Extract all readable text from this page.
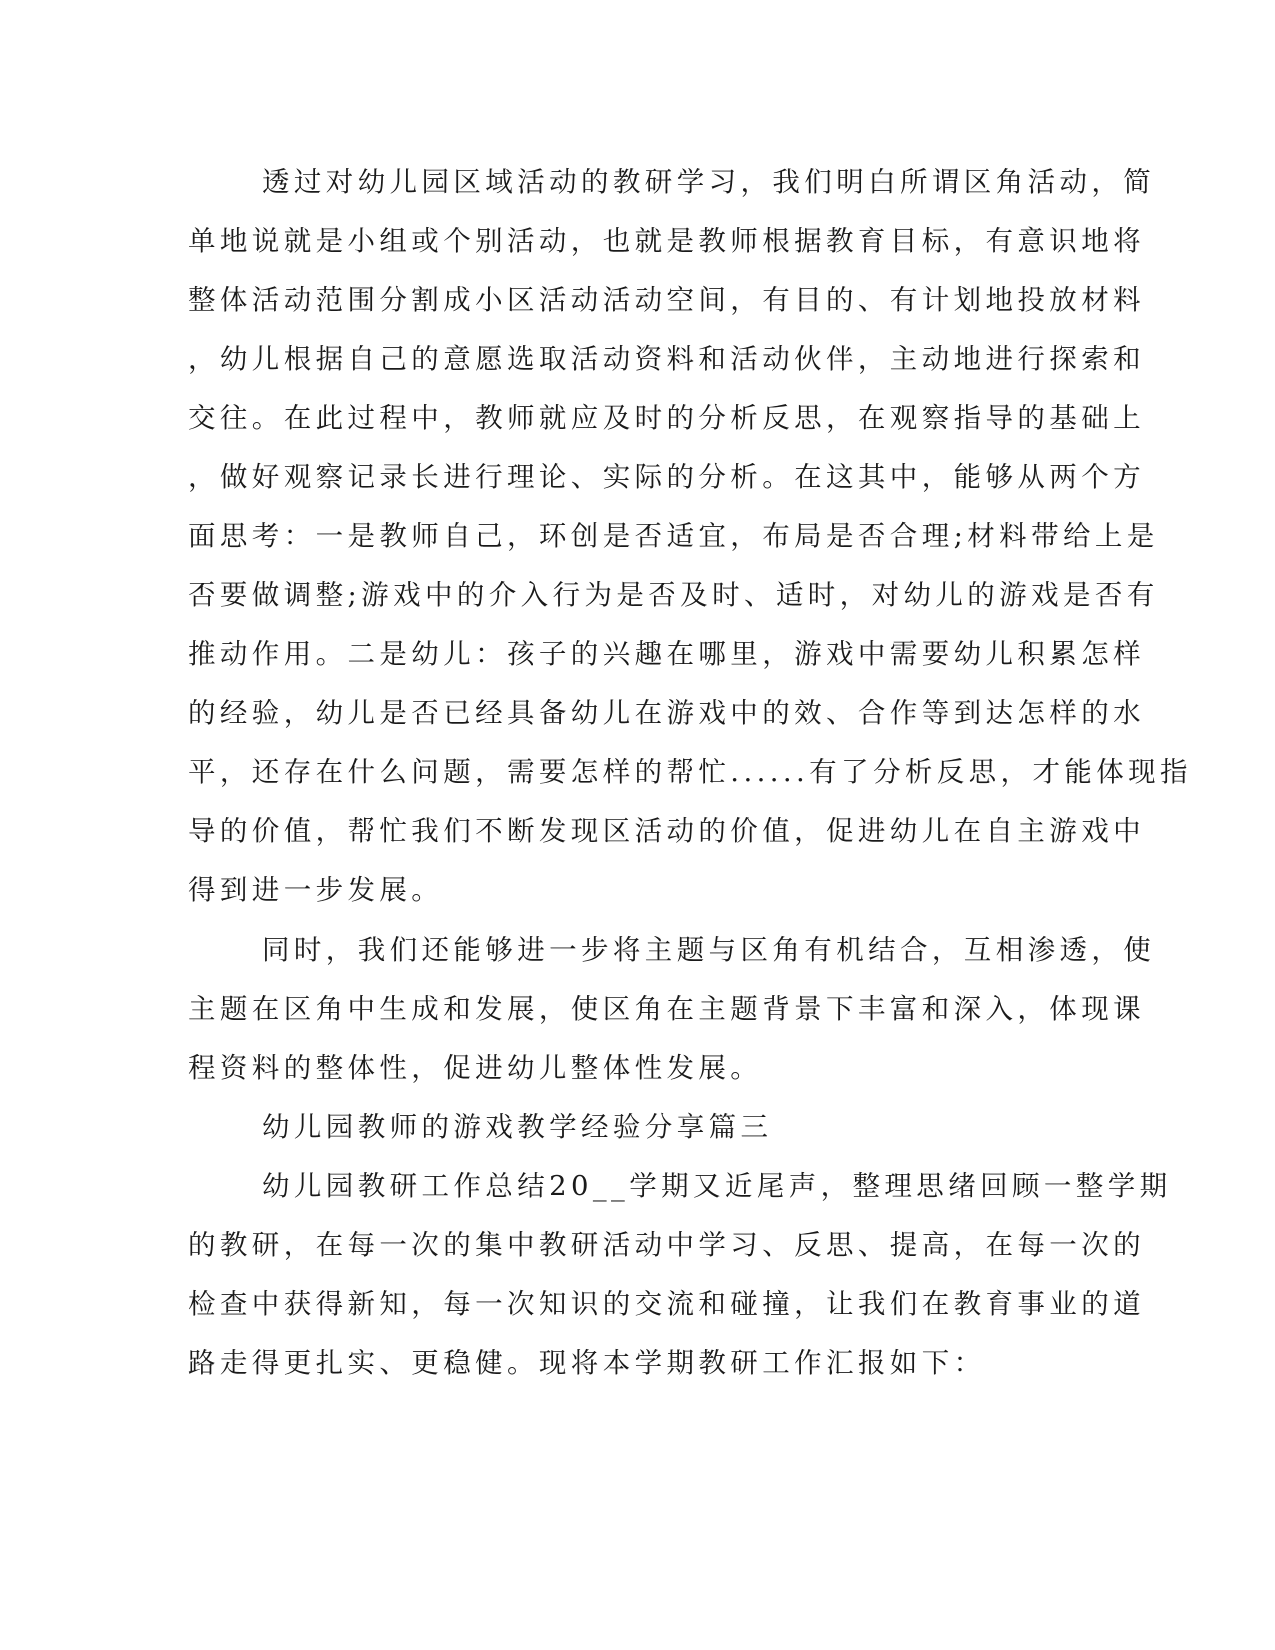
透过对幼儿园区域活动的教研学习，我们明白所谓区角活动，简
单地说就是小组或个别活动，也就是教师根据教育目标，有意识地将
整体活动范围分割成小区活动活动空间，有目的、有计划地投放材料
，幼儿根据自己的意愿选取活动资料和活动伙伴，主动地进行探索和
交往。在此过程中，教师就应及时的分析反思，在观察指导的基础上
，做好观察记录长进行理论、实际的分析。在这其中，能够从两个方
面思考：一是教师自己，环创是否适宜，布局是否合理;材料带给上是
否要做调整;游戏中的介入行为是否及时、适时，对幼儿的游戏是否有
推动作用。二是幼儿：孩子的兴趣在哪里，游戏中需要幼儿积累怎样
的经验，幼儿是否已经具备幼儿在游戏中的效、合作等到达怎样的水
平，还存在什么问题，需要怎样的帮忙......有了分析反思，才能体现指
导的价值，帮忙我们不断发现区活动的价值，促进幼儿在自主游戏中
得到进一步发展。
同时，我们还能够进一步将主题与区角有机结合，互相渗透，使
主题在区角中生成和发展，使区角在主题背景下丰富和深入，体现课
程资料的整体性，促进幼儿整体性发展。
幼儿园教师的游戏教学经验分享篇三
幼儿园教研工作总结20__学期又近尾声，整理思绪回顾一整学期
的教研，在每一次的集中教研活动中学习、反思、提高，在每一次的
检查中获得新知，每一次知识的交流和碰撞，让我们在教育事业的道
路走得更扎实、更稳健。现将本学期教研工作汇报如下：
